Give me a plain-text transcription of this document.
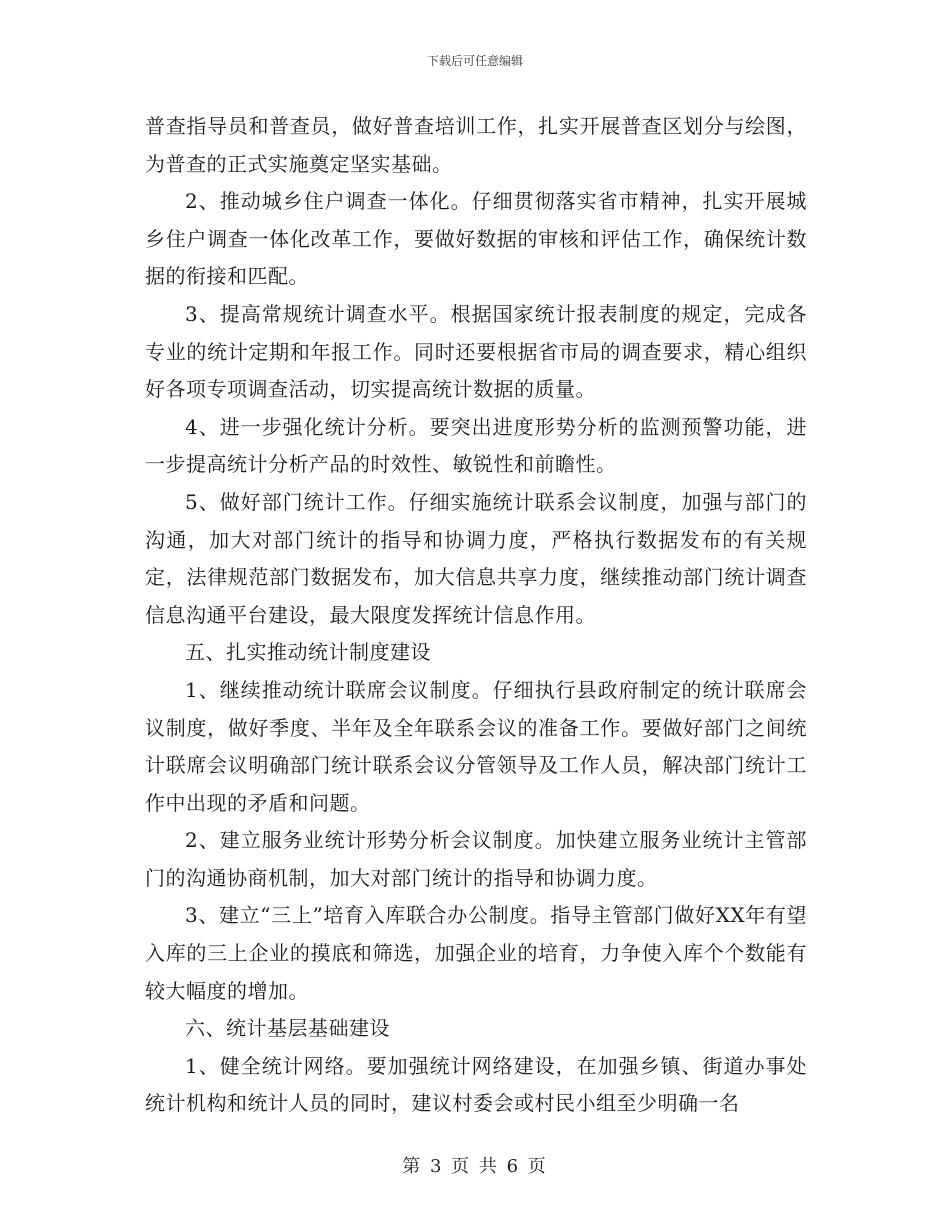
下载后可任意编辑

普查指导员和普查员，做好普查培训工作，扎实开展普查区划分与绘图，为普查的正式实施奠定坚实基础。

2、推动城乡住户调查一体化。仔细贯彻落实省市精神，扎实开展城乡住户调查一体化改革工作，要做好数据的审核和评估工作，确保统计数据的衔接和匹配。

3、提高常规统计调查水平。根据国家统计报表制度的规定，完成各专业的统计定期和年报工作。同时还要根据省市局的调查要求，精心组织好各项专项调查活动，切实提高统计数据的质量。

4、进一步强化统计分析。要突出进度形势分析的监测预警功能，进一步提高统计分析产品的时效性、敏锐性和前瞻性。

5、做好部门统计工作。仔细实施统计联系会议制度，加强与部门的沟通，加大对部门统计的指导和协调力度，严格执行数据发布的有关规定，法律规范部门数据发布，加大信息共享力度，继续推动部门统计调查信息沟通平台建设，最大限度发挥统计信息作用。

五、扎实推动统计制度建设

1、继续推动统计联席会议制度。仔细执行县政府制定的统计联席会议制度，做好季度、半年及全年联系会议的准备工作。要做好部门之间统计联席会议明确部门统计联系会议分管领导及工作人员，解决部门统计工作中出现的矛盾和问题。

2、建立服务业统计形势分析会议制度。加快建立服务业统计主管部门的沟通协商机制，加大对部门统计的指导和协调力度。

3、建立“三上”培育入库联合办公制度。指导主管部门做好XX年有望入库的三上企业的摸底和筛选，加强企业的培育，力争使入库个个数能有较大幅度的增加。

六、统计基层基础建设

1、健全统计网络。要加强统计网络建设，在加强乡镇、街道办事处统计机构和统计人员的同时，建议村委会或村民小组至少明确一名

第 3 页 共 6 页
